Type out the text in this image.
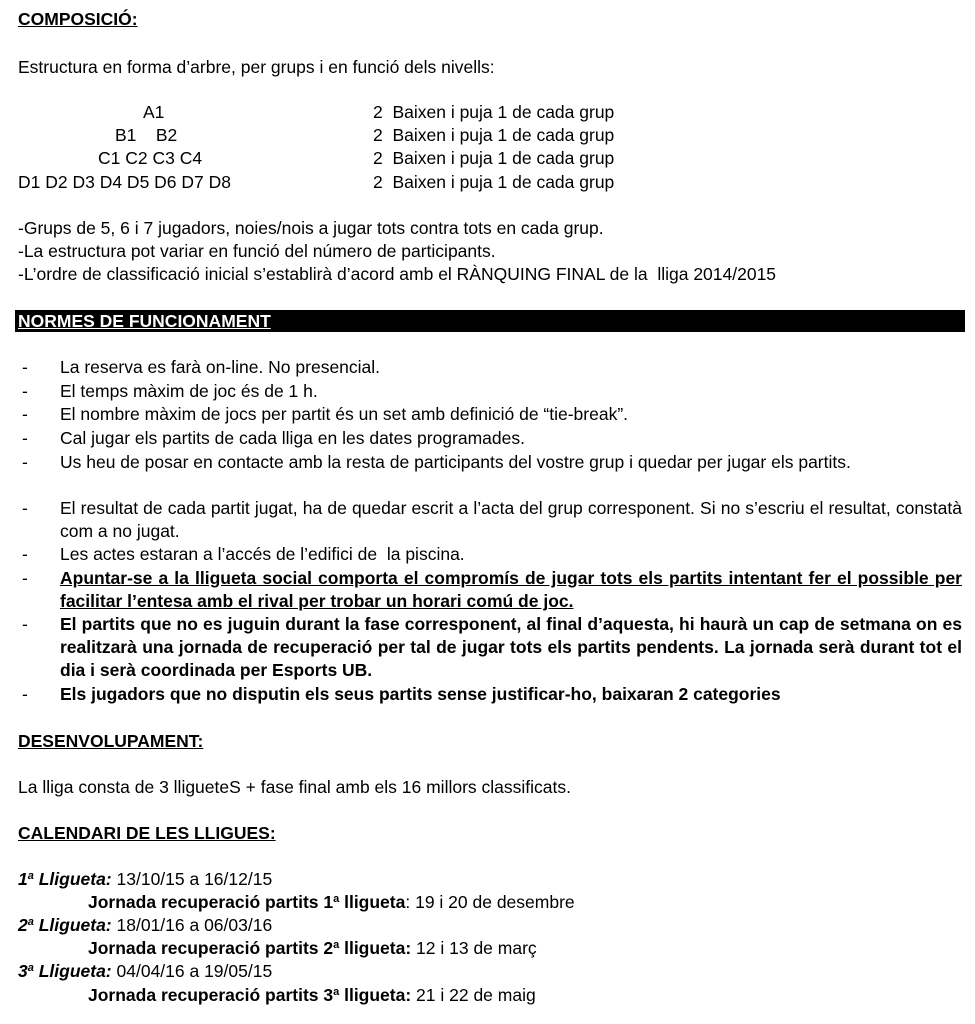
COMPOSICIÓ:
Estructura en forma d’arbre, per grups i en funció dels nivells:
A1
B1    B2
C1 C2 C3 C4
D1 D2 D3 D4 D5 D6 D7 D8
2  Baixen i puja 1 de cada grup
2  Baixen i puja 1 de cada grup
2  Baixen i puja 1 de cada grup
2  Baixen i puja 1 de cada grup
-Grups de 5, 6 i 7 jugadors, noies/nois a jugar tots contra tots en cada grup.
-La estructura pot variar en funció del número de participants.
-L’ordre de classificació inicial s’establirà d’acord amb el RÀNQUING FINAL de la  lliga 2014/2015
NORMES DE FUNCIONAMENT
- La reserva es farà on-line. No presencial.
- El temps màxim de joc és de 1 h.
- El nombre màxim de jocs per partit és un set amb definició de “tie-break”.
- Cal jugar els partits de cada lliga en les dates programades.
- Us heu de posar en contacte amb la resta de participants del vostre grup i quedar per jugar els partits.
- El resultat de cada partit jugat, ha de quedar escrit a l’acta del grup corresponent. Si no s’escriu el resultat, constatà com a no jugat.
- Les actes estaran a l’accés de l’edifici de  la piscina.
- Apuntar-se a la lligueta social comporta el compromís de jugar tots els partits intentant fer el possible per facilitar l’entesa amb el rival per trobar un horari comú de joc.
- El partits que no es juguin durant la fase corresponent, al final d’aquesta, hi haurà un cap de setmana on es realitzarà una jornada de recuperació per tal de jugar tots els partits pendents. La jornada serà durant tot el dia i serà coordinada per Esports UB.
- Els jugadors que no disputin els seus partits sense justificar-ho, baixaran 2 categories
DESENVOLUPAMENT:
La lliga consta de 3 lligueteS + fase final amb els 16 millors classificats.
CALENDARI DE LES LLIGUES:
1$^a$ Lligueta: 13/10/15 a 16/12/15
Jornada recuperació partits 1$^a$ lligueta: 19 i 20 de desembre
2$^a$ Lligueta: 18/01/16 a 06/03/16
Jornada recuperació partits 2$^a$ lligueta: 12 i 13 de març
3$^a$ Lligueta: 04/04/16 a 19/05/15
Jornada recuperació partits 3$^a$ lligueta: 21 i 22 de maig
